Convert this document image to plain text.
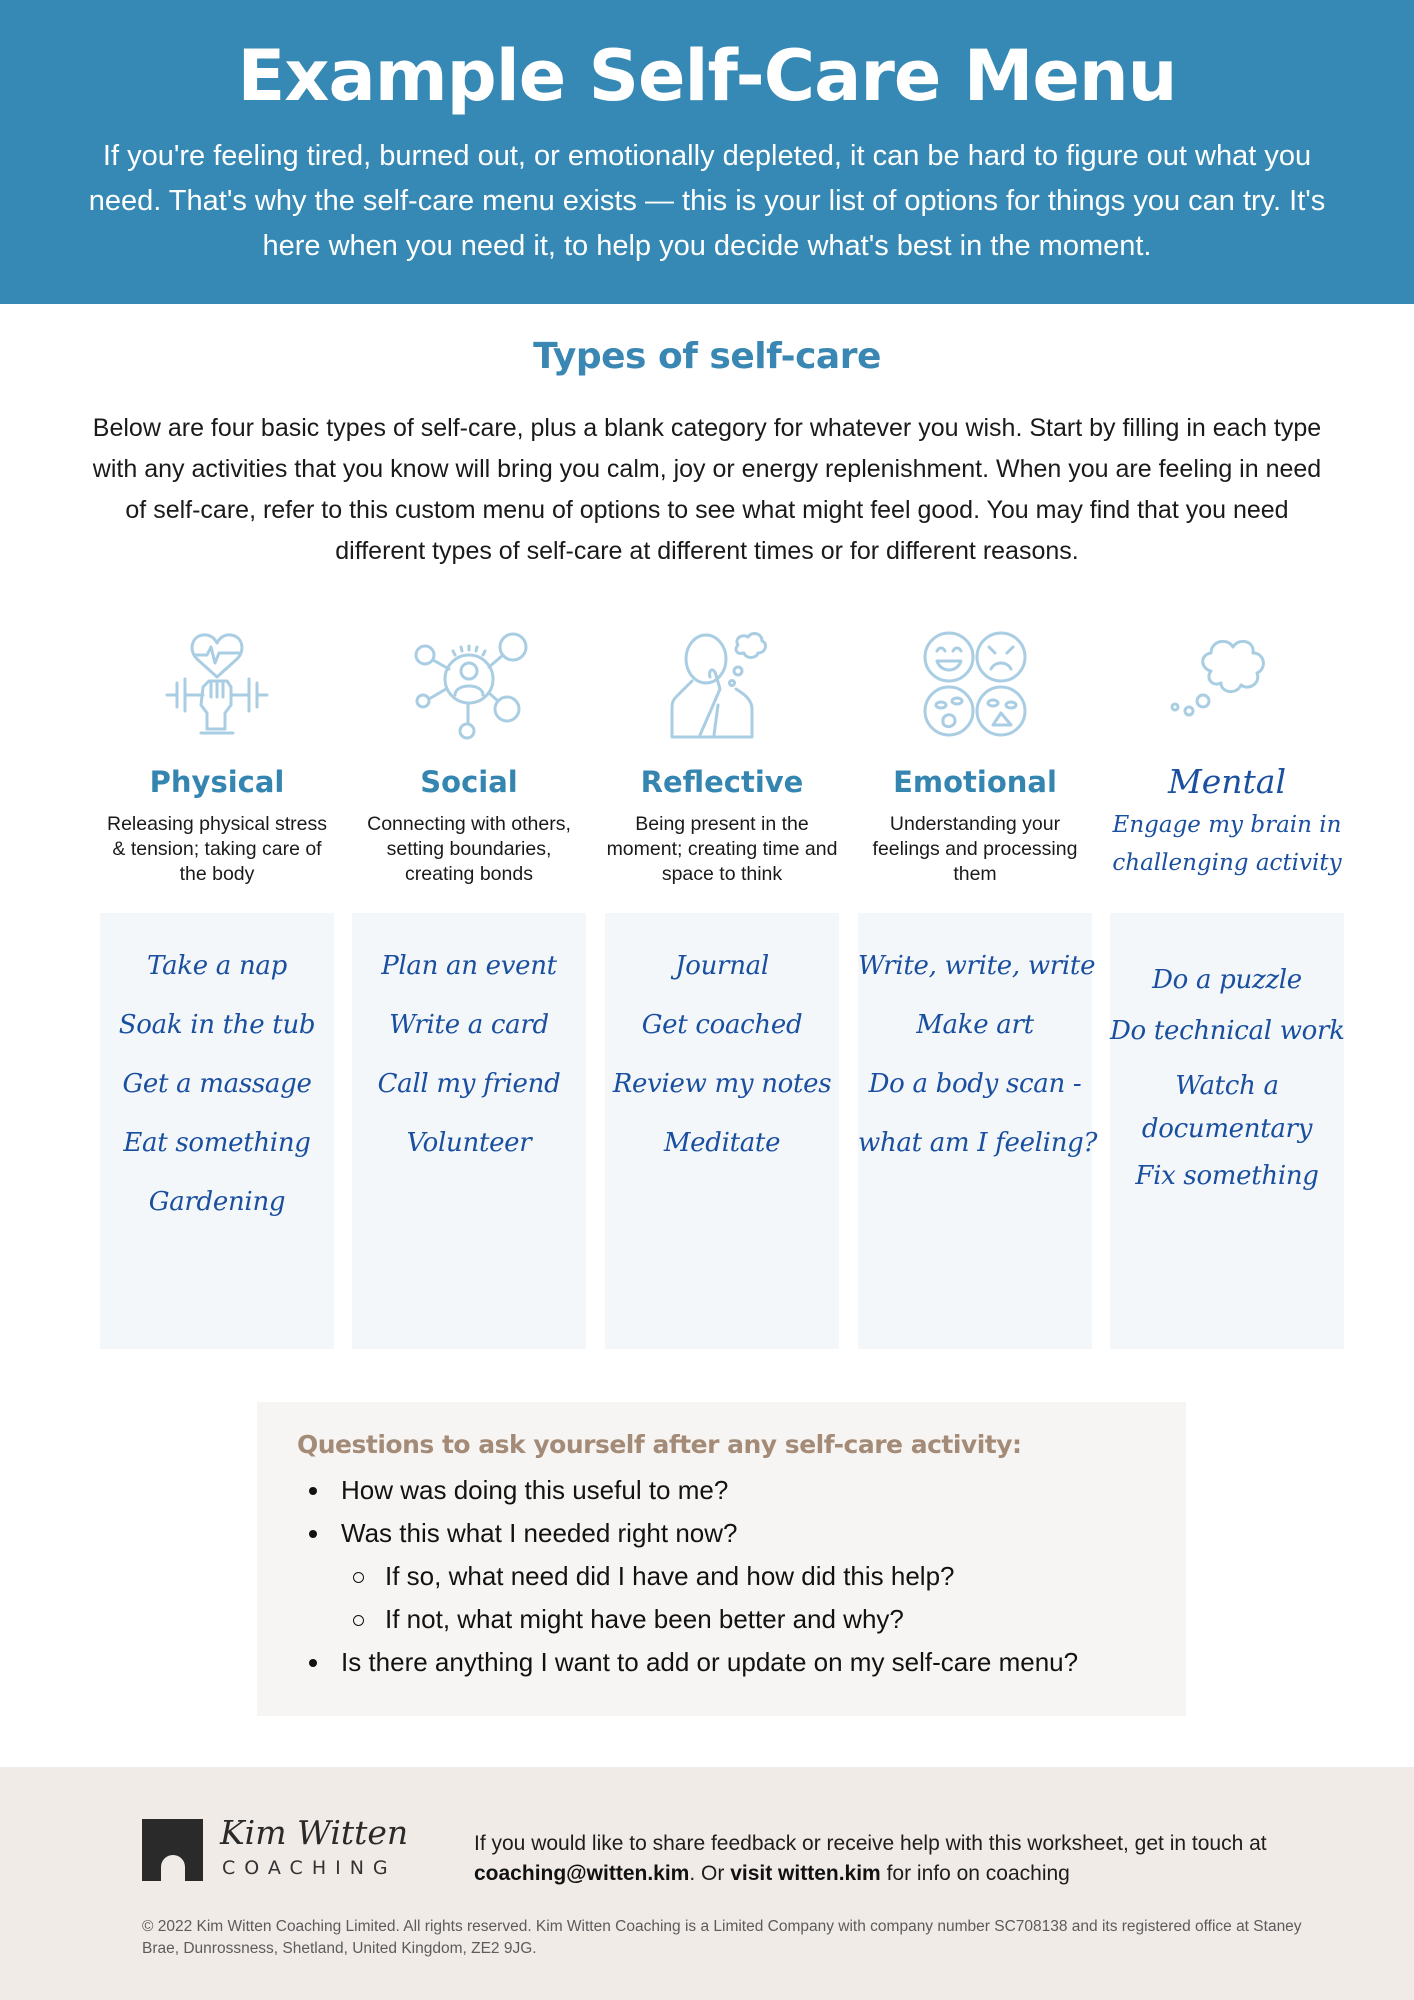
Example Self-Care Menu

If you're feeling tired, burned out, or emotionally depleted, it can be hard to figure out what you need. That's why the self-care menu exists — this is your list of options for things you can try. It's here when you need it, to help you decide what's best in the moment.

Types of self-care

Below are four basic types of self-care, plus a blank category for whatever you wish. Start by filling in each type with any activities that you know will bring you calm, joy or energy replenishment. When you are feeling in need of self-care, refer to this custom menu of options to see what might feel good. You may find that you need different types of self-care at different times or for different reasons.

Physical
Releasing physical stress & tension; taking care of the body
Take a nap
Soak in the tub
Get a massage
Eat something
Gardening
Social
Connecting with others, setting boundaries, creating bonds
Plan an event
Write a card
Call my friend
Volunteer
Reflective
Being present in the moment; creating time and space to think
Journal
Get coached
Review my notes
Meditate
Emotional
Understanding your feelings and processing them
Write, write, write
Make art
Do a body scan -
what am I feeling?
Mental
Engage my brain in challenging activity
Do a puzzle
Do technical work
Watch a documentary
Fix something
Questions to ask yourself after any self-care activity:
How was doing this useful to me?
Was this what I needed right now?
If so, what need did I have and how did this help?
If not, what might have been better and why?
Is there anything I want to add or update on my self-care menu?
Kim Witten
COACHING

If you would like to share feedback or receive help with this worksheet, get in touch at coaching@witten.kim. Or visit witten.kim for info on coaching

© 2022 Kim Witten Coaching Limited. All rights reserved. Kim Witten Coaching is a Limited Company with company number SC708138 and its registered office at Staney Brae, Dunrossness, Shetland, United Kingdom, ZE2 9JG.
